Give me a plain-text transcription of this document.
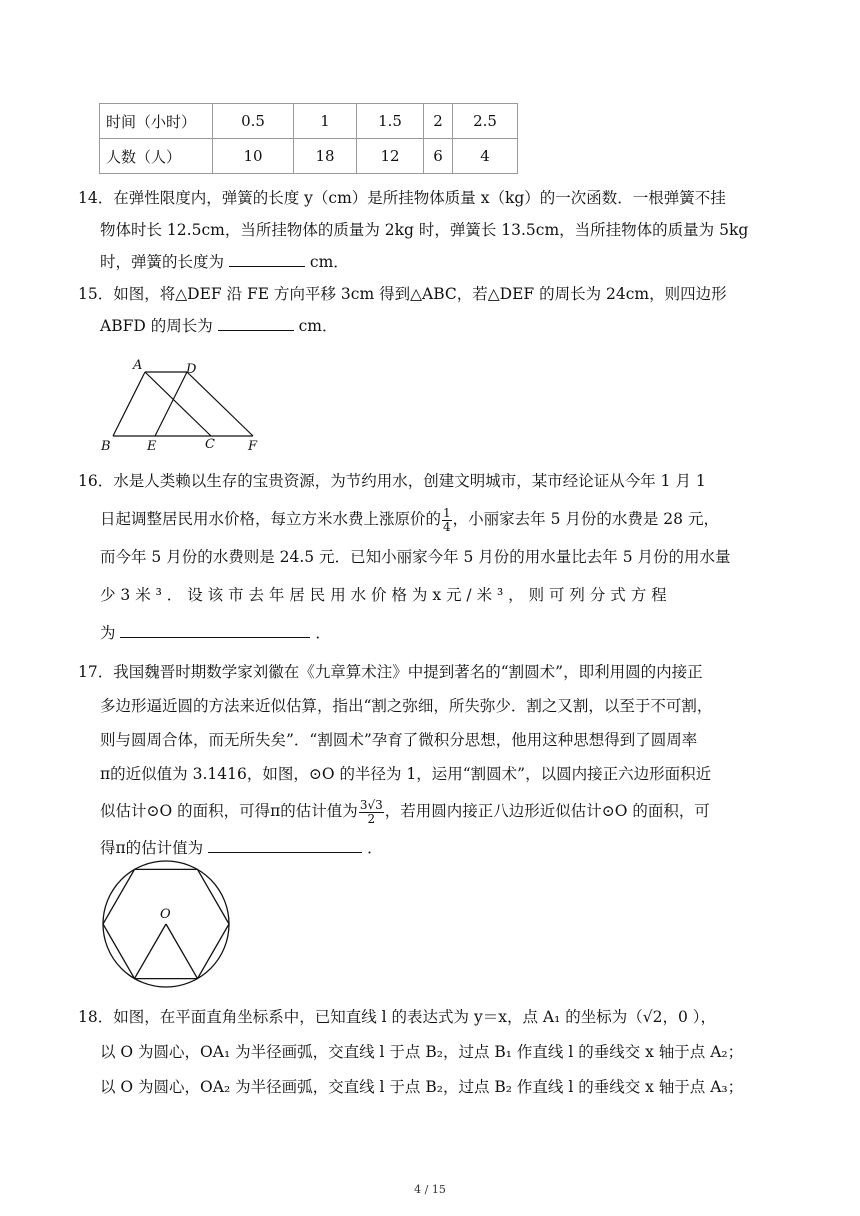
时间（小时）	0.5	1	1.5	2	2.5
人数（人）	10	18	12	6	4
14．在弹性限度内，弹簧的长度 y（cm）是所挂物体质量 x（kg）的一次函数．一根弹簧不挂
物体时长 12.5cm，当所挂物体的质量为 2kg 时，弹簧长 13.5cm，当所挂物体的质量为 5kg
时，弹簧的长度为	cm．
15．如图，将△DEF 沿 FE 方向平移 3cm 得到△ABC，若△DEF 的周长为 24cm，则四边形
ABFD 的周长为	cm．
A	D
B	E	C	F
16．水是人类赖以生存的宝贵资源，为节约用水，创建文明城市，某市经论证从今年 1 月 1
日起调整居民用水价格，每立方米水费上涨原价的 $\frac{1}{4}$ ，小丽家去年 5 月份的水费是 28 元，
而今年 5 月份的水费则是 24.5 元．已知小丽家今年 5 月份的用水量比去年 5 月份的用水量
少 3 米 ³ ． 设 该 市 去 年 居 民 用 水 价 格 为 x 元 / 米 ³ ， 则 可 列 分 式 方 程
为	．
17．我国魏晋时期数学家刘徽在《九章算术注》中提到著名的“割圆术”，即利用圆的内接正
多边形逼近圆的方法来近似估算，指出“割之弥细，所失弥少．割之又割，以至于不可割，
则与圆周合体，而无所失矣”．“割圆术”孕育了微积分思想，他用这种思想得到了圆周率
π的近似值为 3.1416，如图，⊙O 的半径为 1，运用“割圆术”，以圆内接正六边形面积近
似估计⊙O 的面积，可得π的估计值为 $\frac{3√3}{2}$ ，若用圆内接正八边形近似估计⊙O 的面积，可
得π的估计值为	．
O
18．如图，在平面直角坐标系中，已知直线 l 的表达式为 y＝x，点 A₁ 的坐标为（√2，0 ），
以 O 为圆心，OA₁ 为半径画弧，交直线 l 于点 B₂，过点 B₁ 作直线 l 的垂线交 x 轴于点 A₂；
以 O 为圆心，OA₂ 为半径画弧，交直线 l 于点 B₂，过点 B₂ 作直线 l 的垂线交 x 轴于点 A₃；
4 / 15
